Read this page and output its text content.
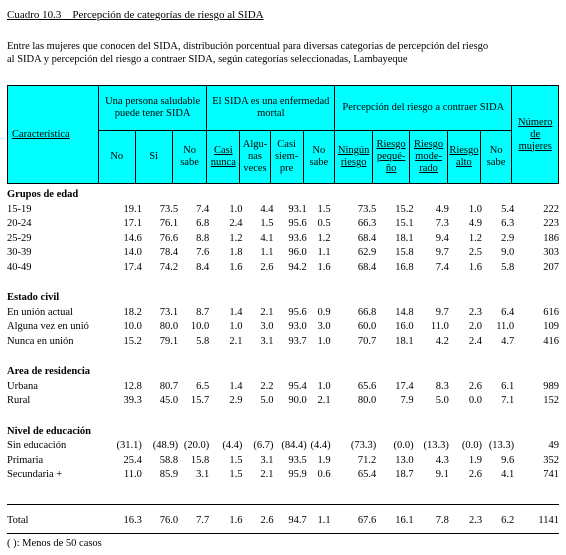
Cuadro 10.3    Percepción de categorías de riesgo al SIDA
Entre las mujeres que conocen del SIDA, distribución porcentual para diversas categorías de percepción del riesgo
al SIDA y percepción del riesgo a contraer SIDA, según categorías seleccionadas, Lambayeque
Característica	Una persona saludable puede tener SIDA			El SIDA es una enfermedad mortal				Percepción del riesgo a contraer SIDA					Número de mujeres
	No	Si	No sabe	Casi nunca	Algu- nas veces	Casi siem- pre	No sabe	Ningún riesgo	Riesgo pequé- ño	Riesgo mode- rado	Riesgo alto	No sabe	
Grupos de edad													
15-19	19.1	73.5	7.4	1.0	4.4	93.1	1.5	73.5	15.2	4.9	1.0	5.4	222
20-24	17.1	76.1	6.8	2.4	1.5	95.6	0.5	66.3	15.1	7.3	4.9	6.3	223
25-29	14.6	76.6	8.8	1.2	4.1	93.6	1.2	68.4	18.1	9.4	1.2	2.9	186
30-39	14.0	78.4	7.6	1.8	1.1	96.0	1.1	62.9	15.8	9.7	2.5	9.0	303
40-49	17.4	74.2	8.4	1.6	2.6	94.2	1.6	68.4	16.8	7.4	1.6	5.8	207

Estado civil													
En unión actual	18.2	73.1	8.7	1.4	2.1	95.6	0.9	66.8	14.8	9.7	2.3	6.4	616
Alguna vez en unió	10.0	80.0	10.0	1.0	3.0	93.0	3.0	60.0	16.0	11.0	2.0	11.0	109
Nunca en unión	15.2	79.1	5.8	2.1	3.1	93.7	1.0	70.7	18.1	4.2	2.4	4.7	416

Area de residencia													
Urbana	12.8	80.7	6.5	1.4	2.2	95.4	1.0	65.6	17.4	8.3	2.6	6.1	989
Rural	39.3	45.0	15.7	2.9	5.0	90.0	2.1	80.0	7.9	5.0	0.0	7.1	152

Nivel de educación													
Sin educación	(31.1)	(48.9)	(20.0)	(4.4)	(6.7)	(84.4)	(4.4)	(73.3)	(0.0)	(13.3)	(0.0)	(13.3)	49
Primaria	25.4	58.8	15.8	1.5	3.1	93.5	1.9	71.2	13.0	4.3	1.9	9.6	352
Secundaria +	11.0	85.9	3.1	1.5	2.1	95.9	0.6	65.4	18.7	9.1	2.6	4.1	741
Total	16.3	76.0	7.7	1.6	2.6	94.7	1.1	67.6	16.1	7.8	2.3	6.2	1141
( ): Menos de 50 casos
